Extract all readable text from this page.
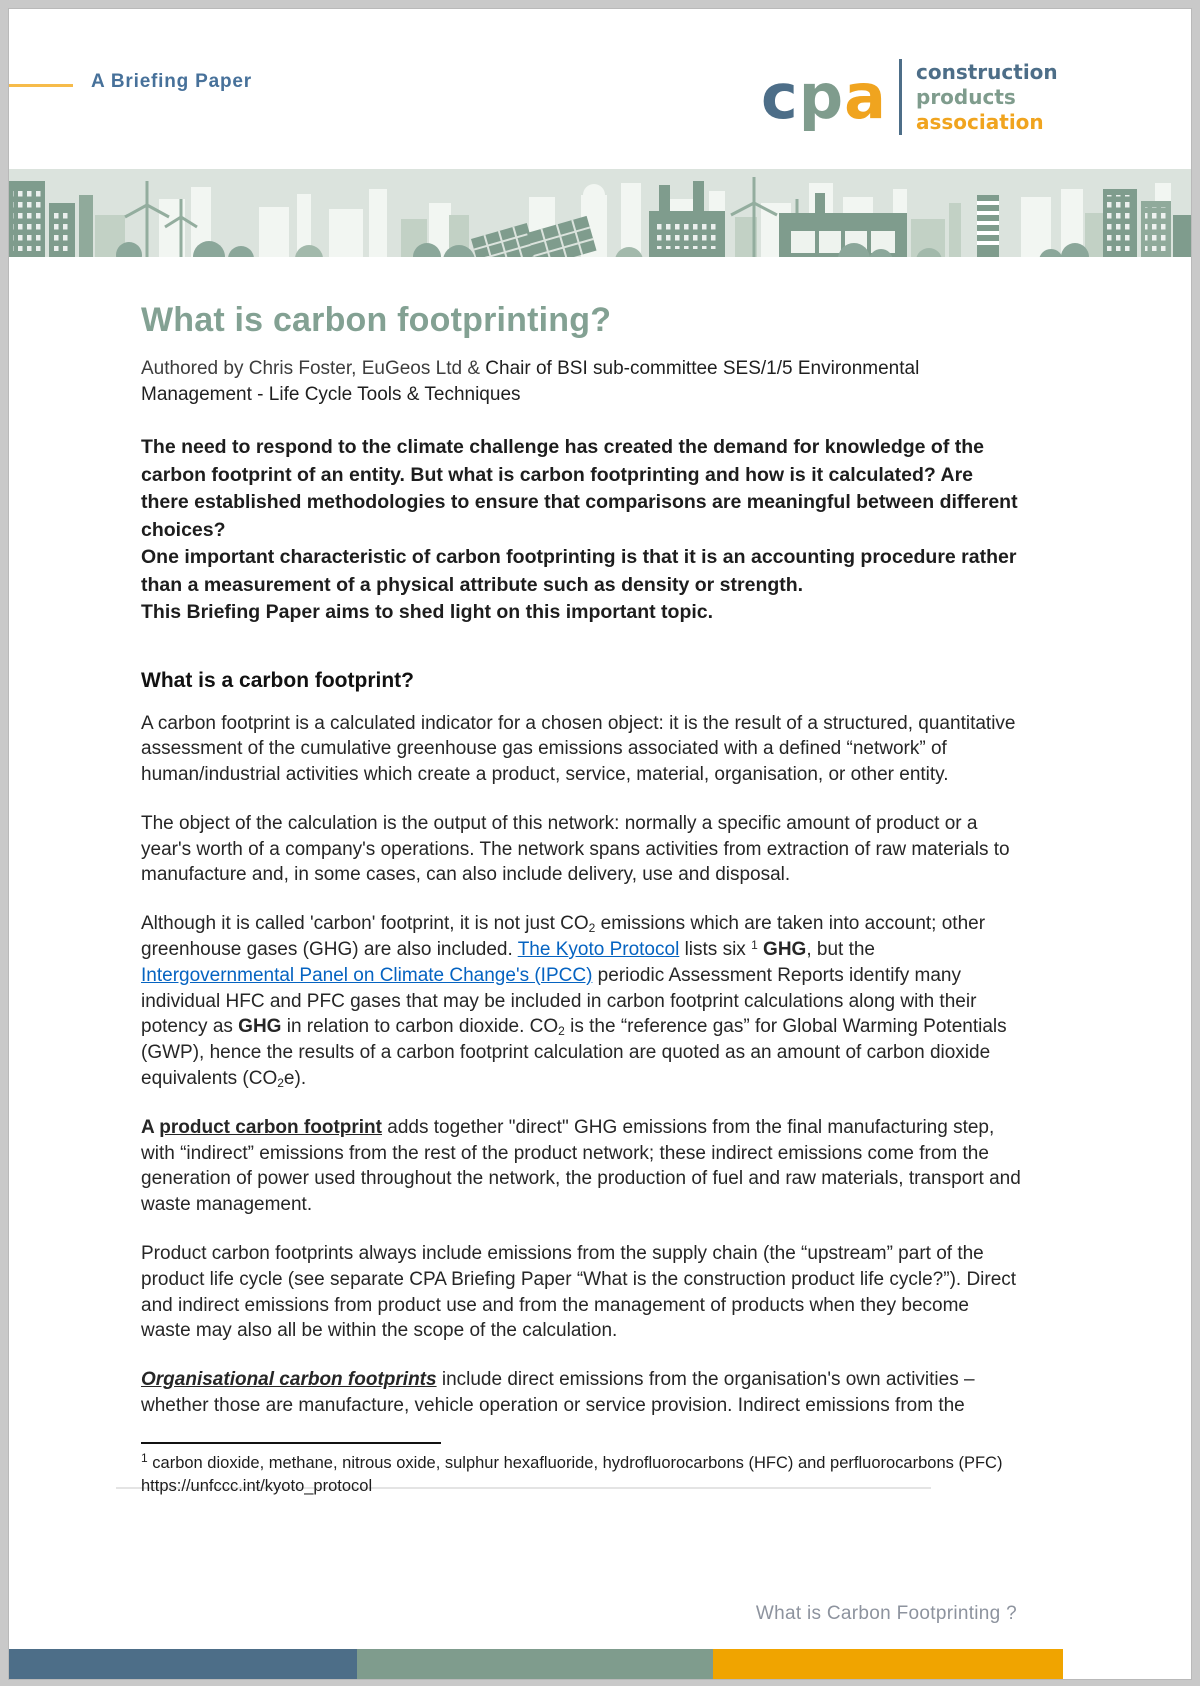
A Briefing Paper	cpa construction
products
association
What is carbon footprinting?
Authored by Chris Foster, EuGeos Ltd & Chair of BSI sub-committee SES/1/5 Environmental Management - Life Cycle Tools & Techniques

The need to respond to the climate challenge has created the demand for knowledge of the carbon footprint of an entity. But what is carbon footprinting and how is it calculated? Are there established methodologies to ensure that comparisons are meaningful between different choices?

One important characteristic of carbon footprinting is that it is an accounting procedure rather than a measurement of a physical attribute such as density or strength.

This Briefing Paper aims to shed light on this important topic.

What is a carbon footprint?

A carbon footprint is a calculated indicator for a chosen object: it is the result of a structured, quantitative assessment of the cumulative greenhouse gas emissions associated with a defined “network” of human/industrial activities which create a product, service, material, organisation, or other entity.

The object of the calculation is the output of this network: normally a specific amount of product or a year's worth of a company's operations. The network spans activities from extraction of raw materials to manufacture and, in some cases, can also include delivery, use and disposal.

Although it is called 'carbon' footprint, it is not just $CO_2$ emissions which are taken into account; other greenhouse gases (GHG) are also included. The Kyoto Protocol lists six $^1$ GHG, but the Intergovernmental Panel on Climate Change's (IPCC) periodic Assessment Reports identify many individual HFC and PFC gases that may be included in carbon footprint calculations along with their potency as GHG in relation to carbon dioxide. $CO_2$ is the “reference gas” for Global Warming Potentials (GWP), hence the results of a carbon footprint calculation are quoted as an amount of carbon dioxide equivalents $(CO_2e)$.

A product carbon footprint adds together "direct" GHG emissions from the final manufacturing step, with “indirect” emissions from the rest of the product network; these indirect emissions come from the generation of power used throughout the network, the production of fuel and raw materials, transport and waste management.

Product carbon footprints always include emissions from the supply chain (the “upstream” part of the product life cycle (see separate CPA Briefing Paper “What is the construction product life cycle?”). Direct and indirect emissions from product use and from the management of products when they become waste may also all be within the scope of the calculation.

Organisational carbon footprints include direct emissions from the organisation's own activities – whether those are manufacture, vehicle operation or service provision. Indirect emissions from the

$^1$ carbon dioxide, methane, nitrous oxide, sulphur hexafluoride, hydrofluorocarbons (HFC) and perfluorocarbons (PFC) https://unfccc.int/kyoto_protocol
What is Carbon Footprinting ?
